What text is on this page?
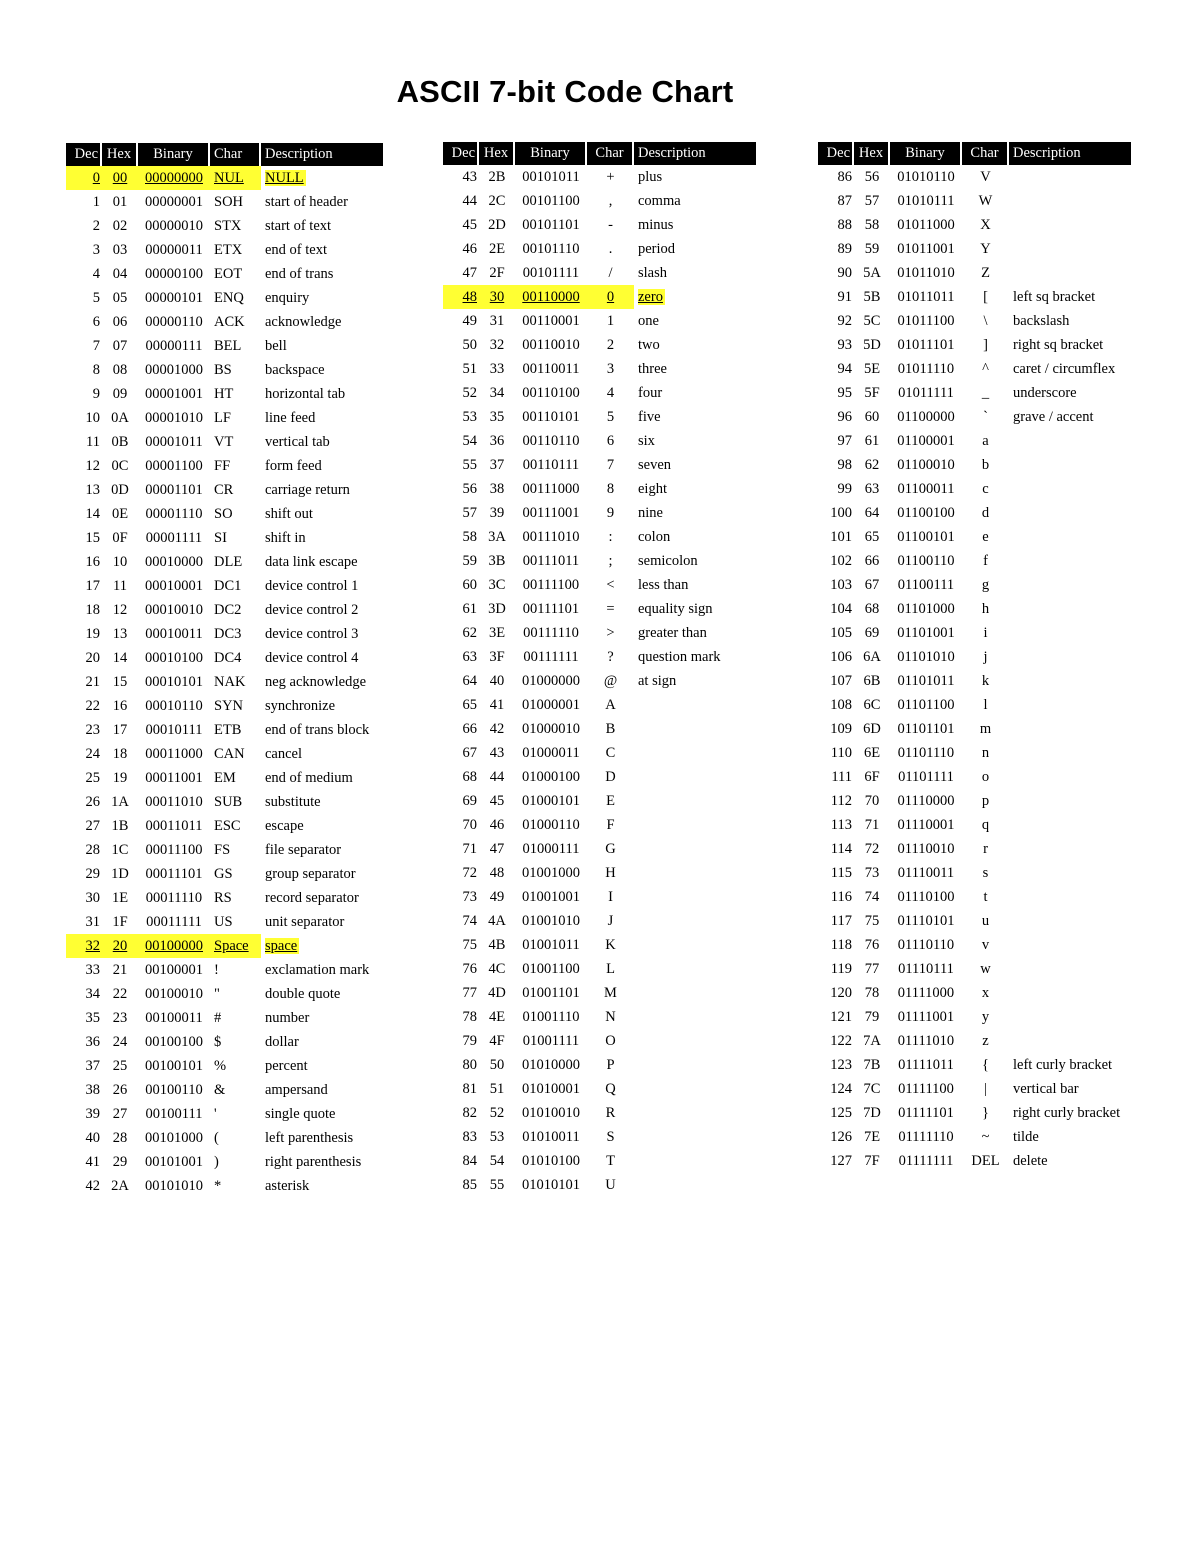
ASCII 7-bit Code Chart
Dec	Hex	Binary	Char	Description
0	00	00000000	NUL	NULL
1	01	00000001	SOH	start of header
2	02	00000010	STX	start of text
3	03	00000011	ETX	end of text
4	04	00000100	EOT	end of trans
5	05	00000101	ENQ	enquiry
6	06	00000110	ACK	acknowledge
7	07	00000111	BEL	bell
8	08	00001000	BS	backspace
9	09	00001001	HT	horizontal tab
10	0A	00001010	LF	line feed
11	0B	00001011	VT	vertical tab
12	0C	00001100	FF	form feed
13	0D	00001101	CR	carriage return
14	0E	00001110	SO	shift out
15	0F	00001111	SI	shift in
16	10	00010000	DLE	data link escape
17	11	00010001	DC1	device control 1
18	12	00010010	DC2	device control 2
19	13	00010011	DC3	device control 3
20	14	00010100	DC4	device control 4
21	15	00010101	NAK	neg acknowledge
22	16	00010110	SYN	synchronize
23	17	00010111	ETB	end of trans block
24	18	00011000	CAN	cancel
25	19	00011001	EM	end of medium
26	1A	00011010	SUB	substitute
27	1B	00011011	ESC	escape
28	1C	00011100	FS	file separator
29	1D	00011101	GS	group separator
30	1E	00011110	RS	record separator
31	1F	00011111	US	unit separator
32	20	00100000	Space	space
33	21	00100001	!	exclamation mark
34	22	00100010	"	double quote
35	23	00100011	#	number
36	24	00100100	$	dollar
37	25	00100101	%	percent
38	26	00100110	&	ampersand
39	27	00100111	'	single quote
40	28	00101000	(	left parenthesis
41	29	00101001	)	right parenthesis
42	2A	00101010	*	asterisk
Dec	Hex	Binary	Char	Description
43	2B	00101011	+	plus
44	2C	00101100	,	comma
45	2D	00101101	-	minus
46	2E	00101110	.	period
47	2F	00101111	/	slash
48	30	00110000	0	zero
49	31	00110001	1	one
50	32	00110010	2	two
51	33	00110011	3	three
52	34	00110100	4	four
53	35	00110101	5	five
54	36	00110110	6	six
55	37	00110111	7	seven
56	38	00111000	8	eight
57	39	00111001	9	nine
58	3A	00111010	:	colon
59	3B	00111011	;	semicolon
60	3C	00111100	<	less than
61	3D	00111101	=	equality sign
62	3E	00111110	>	greater than
63	3F	00111111	?	question mark
64	40	01000000	@	at sign
65	41	01000001	A	
66	42	01000010	B	
67	43	01000011	C	
68	44	01000100	D	
69	45	01000101	E	
70	46	01000110	F	
71	47	01000111	G	
72	48	01001000	H	
73	49	01001001	I	
74	4A	01001010	J	
75	4B	01001011	K	
76	4C	01001100	L	
77	4D	01001101	M	
78	4E	01001110	N	
79	4F	01001111	O	
80	50	01010000	P	
81	51	01010001	Q	
82	52	01010010	R	
83	53	01010011	S	
84	54	01010100	T	
85	55	01010101	U	
Dec	Hex	Binary	Char	Description
86	56	01010110	V	
87	57	01010111	W	
88	58	01011000	X	
89	59	01011001	Y	
90	5A	01011010	Z	
91	5B	01011011	[	left sq bracket
92	5C	01011100	\	backslash
93	5D	01011101	]	right sq bracket
94	5E	01011110	^	caret / circumflex
95	5F	01011111	_	underscore
96	60	01100000	`	grave / accent
97	61	01100001	a	
98	62	01100010	b	
99	63	01100011	c	
100	64	01100100	d	
101	65	01100101	e	
102	66	01100110	f	
103	67	01100111	g	
104	68	01101000	h	
105	69	01101001	i	
106	6A	01101010	j	
107	6B	01101011	k	
108	6C	01101100	l	
109	6D	01101101	m	
110	6E	01101110	n	
111	6F	01101111	o	
112	70	01110000	p	
113	71	01110001	q	
114	72	01110010	r	
115	73	01110011	s	
116	74	01110100	t	
117	75	01110101	u	
118	76	01110110	v	
119	77	01110111	w	
120	78	01111000	x	
121	79	01111001	y	
122	7A	01111010	z	
123	7B	01111011	{	left curly bracket
124	7C	01111100	|	vertical bar
125	7D	01111101	}	right curly bracket
126	7E	01111110	~	tilde
127	7F	01111111	DEL	delete
